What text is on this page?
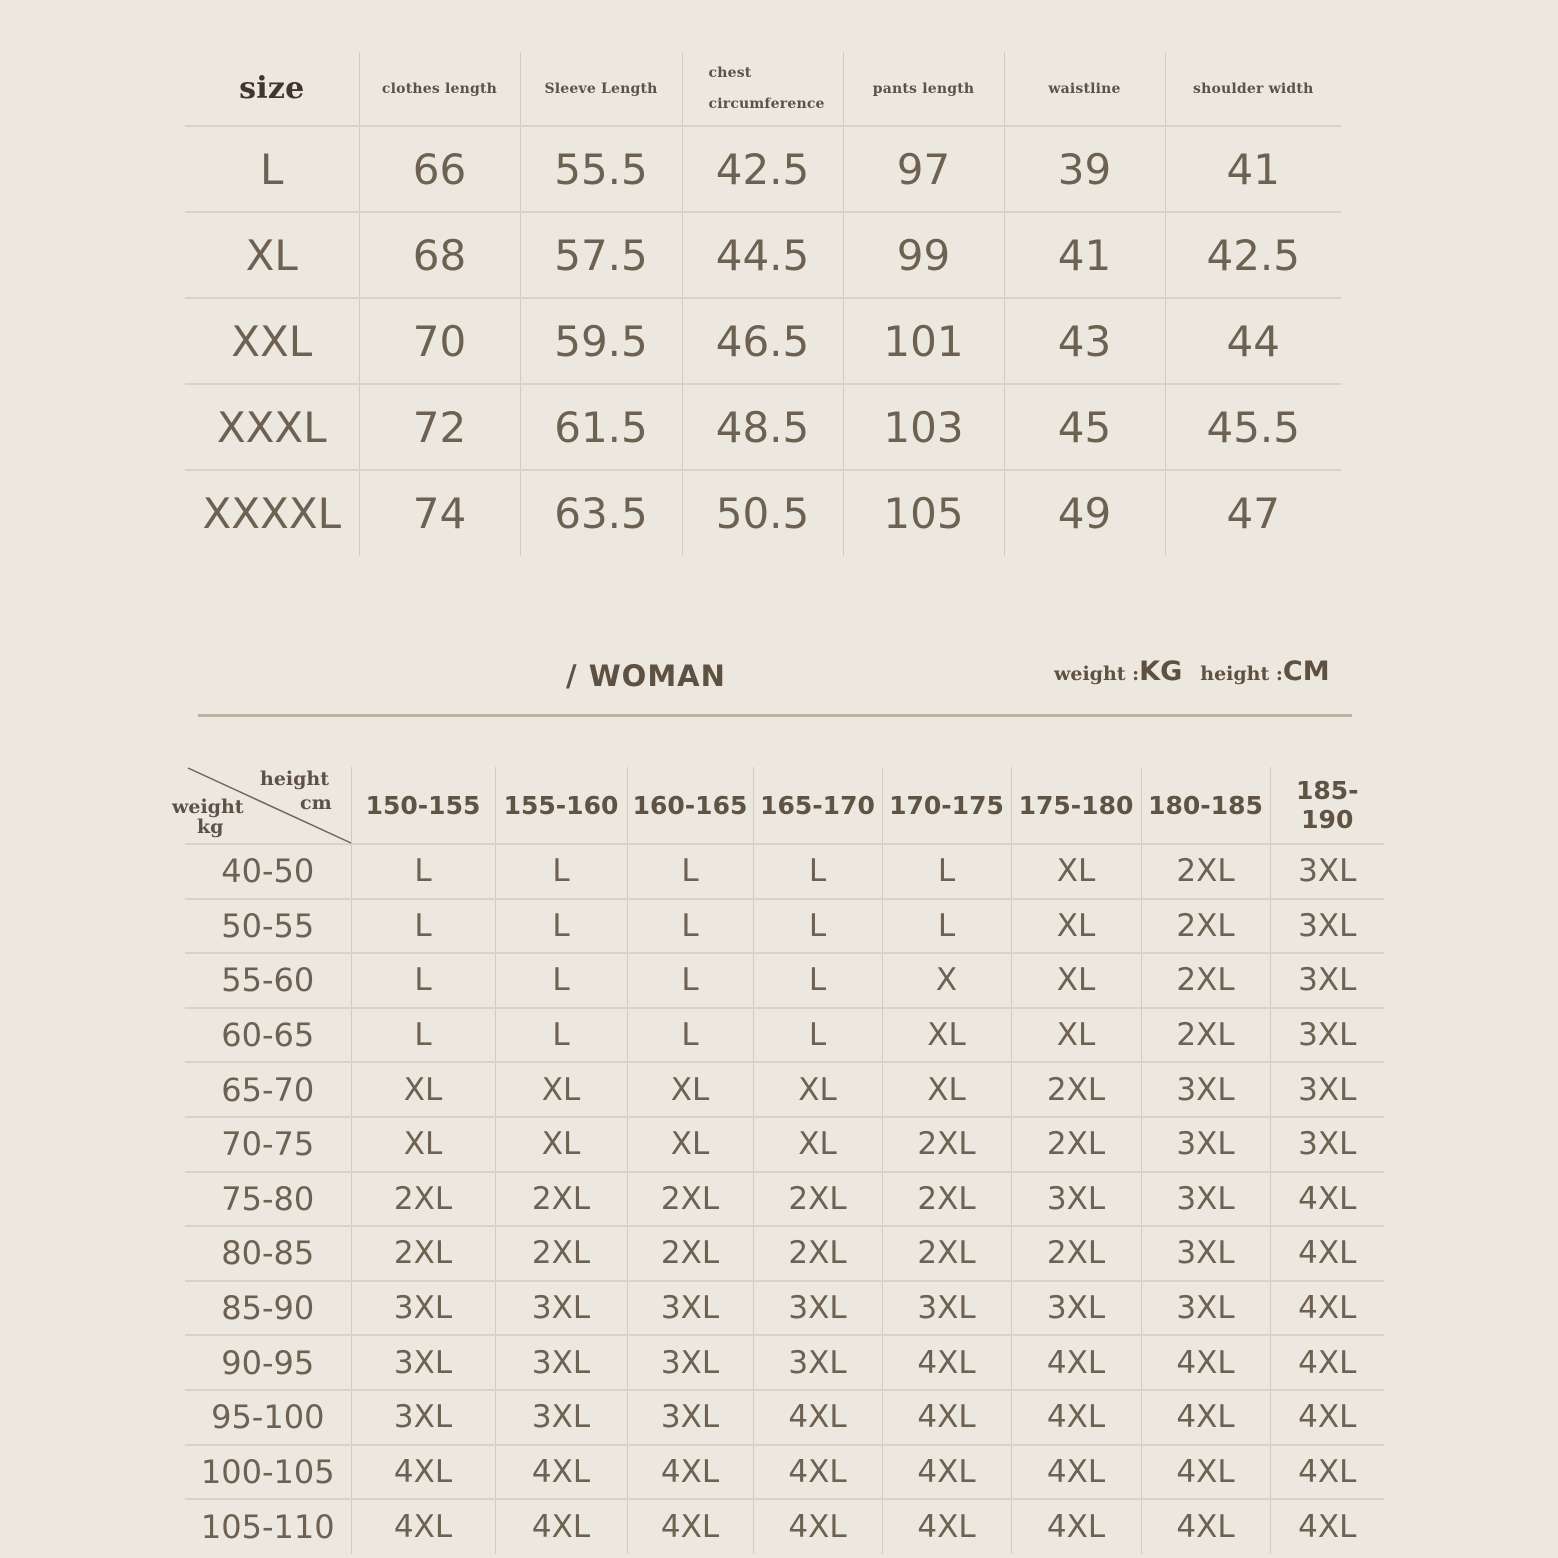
size	clothes length	Sleeve Length	chest circumference	pants length	waistline	shoulder width
L	66	55.5	42.5	97	39	41
XL	68	57.5	44.5	99	41	42.5
XXL	70	59.5	46.5	101	43	44
XXXL	72	61.5	48.5	103	45	45.5
XXXXL	74	63.5	50.5	105	49	47
/ WOMAN	weight :KG height :CM
height
cm
weight
kg	150-155	155-160	160-165	165-170	170-175	175-180	180-185	185-190
40-50	L	L	L	L	L	XL	2XL	3XL
50-55	L	L	L	L	L	XL	2XL	3XL
55-60	L	L	L	L	X	XL	2XL	3XL
60-65	L	L	L	L	XL	XL	2XL	3XL
65-70	XL	XL	XL	XL	XL	2XL	3XL	3XL
70-75	XL	XL	XL	XL	2XL	2XL	3XL	3XL
75-80	2XL	2XL	2XL	2XL	2XL	3XL	3XL	4XL
80-85	2XL	2XL	2XL	2XL	2XL	2XL	3XL	4XL
85-90	3XL	3XL	3XL	3XL	3XL	3XL	3XL	4XL
90-95	3XL	3XL	3XL	3XL	4XL	4XL	4XL	4XL
95-100	3XL	3XL	3XL	4XL	4XL	4XL	4XL	4XL
100-105	4XL	4XL	4XL	4XL	4XL	4XL	4XL	4XL
105-110	4XL	4XL	4XL	4XL	4XL	4XL	4XL	4XL
